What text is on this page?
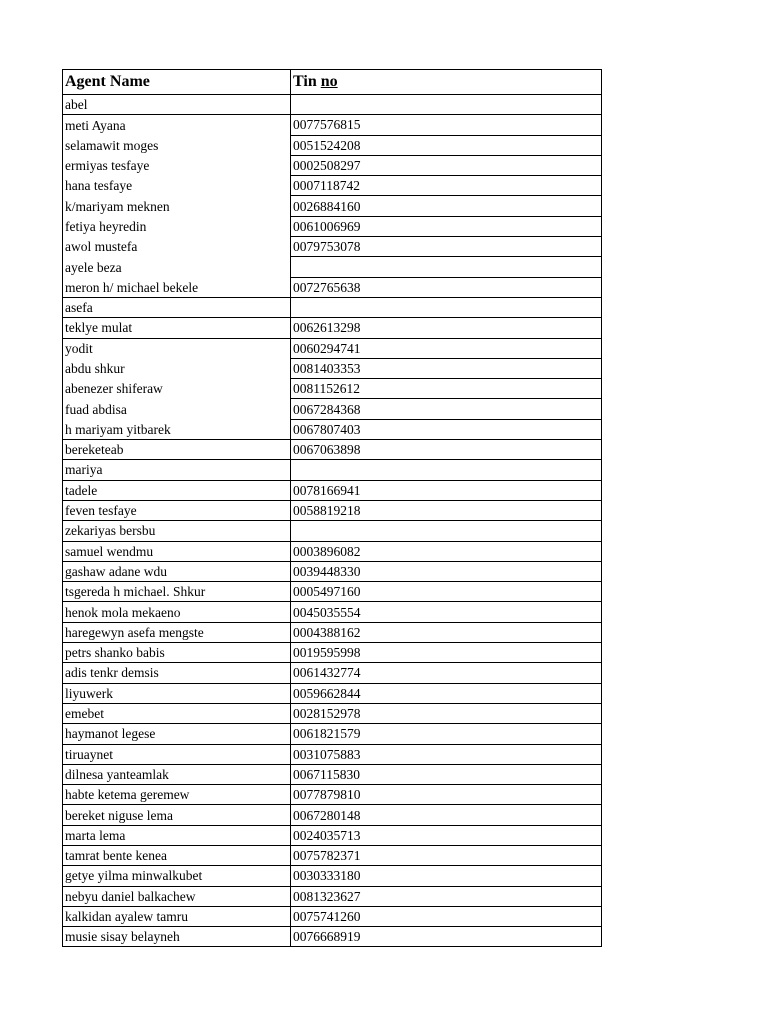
Agent Name	Tin no
abel	
meti Ayana	0077576815
selamawit moges	0051524208
ermiyas tesfaye	0002508297
hana tesfaye	0007118742
k/mariyam meknen	0026884160
fetiya heyredin	0061006969
awol mustefa	0079753078
ayele beza	
meron h/ michael bekele	0072765638
asefa	
teklye mulat	0062613298
yodit	0060294741
abdu shkur	0081403353
abenezer shiferaw	0081152612
fuad abdisa	0067284368
h mariyam yitbarek	0067807403
bereketeab	0067063898
mariya	
tadele	0078166941
feven tesfaye	0058819218
zekariyas bersbu	
samuel wendmu	0003896082
gashaw adane wdu	0039448330
tsgereda h michael. Shkur	0005497160
henok mola mekaeno	0045035554
haregewyn asefa mengste	0004388162
petrs shanko babis	0019595998
adis tenkr demsis	0061432774
liyuwerk	0059662844
emebet	0028152978
haymanot legese	0061821579
tiruaynet	0031075883
dilnesa yanteamlak	0067115830
habte ketema geremew	0077879810
bereket niguse lema	0067280148
marta lema	0024035713
tamrat bente kenea	0075782371
getye yilma minwalkubet	0030333180
nebyu daniel balkachew	0081323627
kalkidan ayalew tamru	0075741260
musie sisay belayneh	0076668919
